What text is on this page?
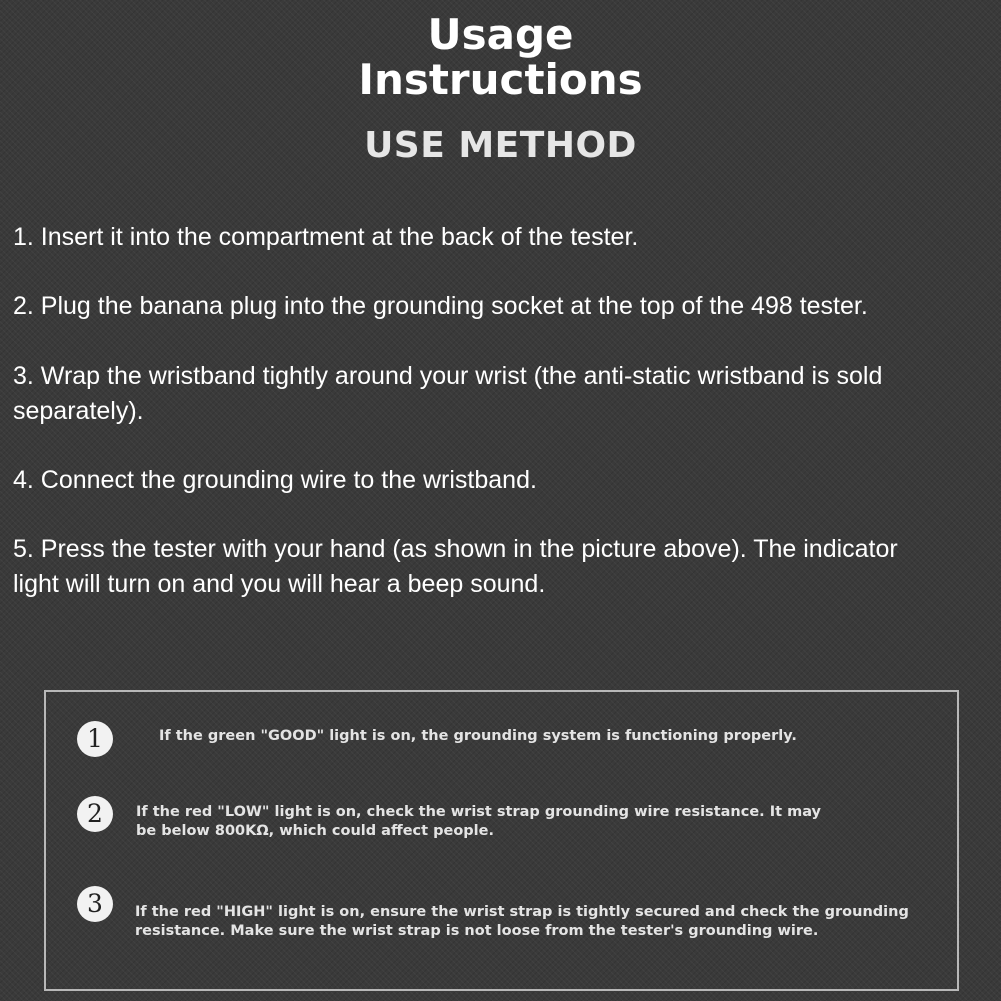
Usage
Instructions
USE METHOD
1. Insert it into the compartment at the back of the tester.
2. Plug the banana plug into the grounding socket at the top of the 498 tester.
3. Wrap the wristband tightly around your wrist (the anti-static wristband is sold
separately).
4. Connect the grounding wire to the wristband.
5. Press the tester with your hand (as shown in the picture above). The indicator
light will turn on and you will hear a beep sound.
1	If the green "GOOD" light is on, the grounding system is functioning properly.
2	If the red "LOW" light is on, check the wrist strap grounding wire resistance. It may
be below 800KΩ, which could affect people.
3	If the red "HIGH" light is on, ensure the wrist strap is tightly secured and check the grounding
resistance. Make sure the wrist strap is not loose from the tester's grounding wire.
